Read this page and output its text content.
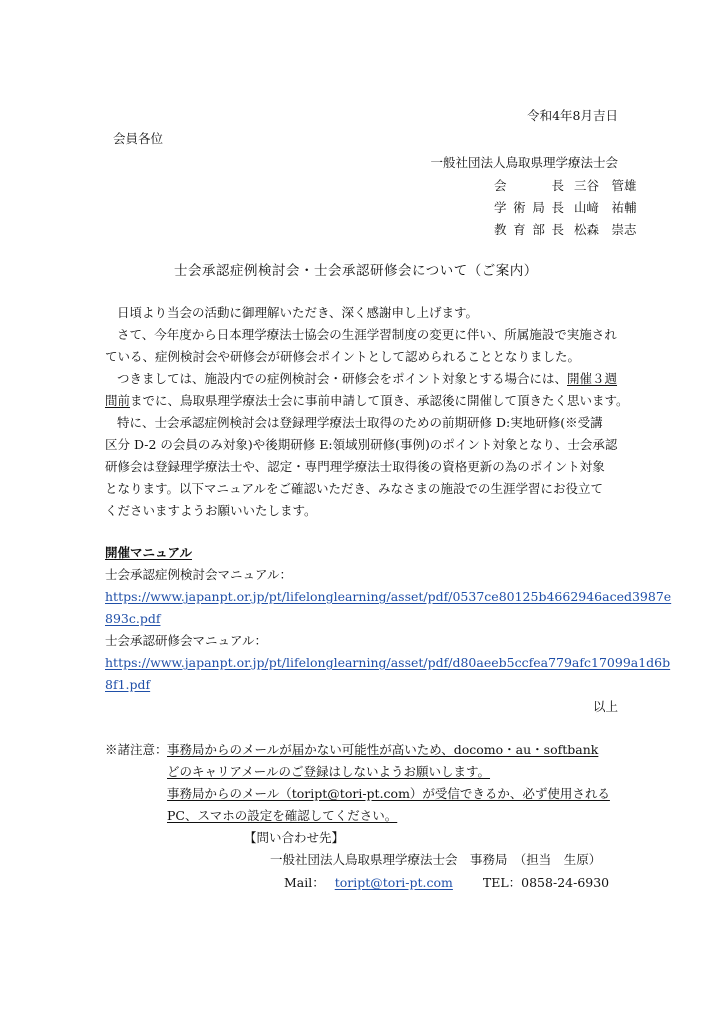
令和4年8月吉日
会員各位
一般社団法人鳥取県理学療法士会
会　　長 三谷　管雄
学術局長 山﨑　祐輔
教育部長 松森　崇志
士会承認症例検討会・士会承認研修会について（ご案内）
日頃より当会の活動に御理解いただき、深く感謝申し上げます。
さて、今年度から日本理学療法士協会の生涯学習制度の変更に伴い、所属施設で実施され
ている、症例検討会や研修会が研修会ポイントとして認められることとなりました。
つきましては、施設内での症例検討会・研修会をポイント対象とする場合には、開催３週
間前までに、鳥取県理学療法士会に事前申請して頂き、承認後に開催して頂きたく思います。
特に、士会承認症例検討会は登録理学療法士取得のための前期研修 D:実地研修(※受講
区分 D-2 の会員のみ対象)や後期研修 E:領域別研修(事例)のポイント対象となり、士会承認
研修会は登録理学療法士や、認定・専門理学療法士取得後の資格更新の為のポイント対象
となります。以下マニュアルをご確認いただき、みなさまの施設での生涯学習にお役立て
くださいますようお願いいたします。
開催マニュアル
士会承認症例検討会マニュアル：
https://www.japanpt.or.jp/pt/lifelonglearning/asset/pdf/0537ce80125b4662946aced3987e
893c.pdf
士会承認研修会マニュアル：
https://www.japanpt.or.jp/pt/lifelonglearning/asset/pdf/d80aeeb5ccfea779afc17099a1d6b
8f1.pdf
以上
※諸注意： 事務局からのメールが届かない可能性が高いため、docomo・au・softbank
どのキャリアメールのご登録はしないようお願いします。
事務局からのメール（toript@tori-pt.com）が受信できるか、必ず使用される
PC、スマホの設定を確認してください。
【問い合わせ先】
一般社団法人鳥取県理学療法士会　事務局　（担当　生原）
Mail： toript@tori-pt.com TEL：0858-24-6930
